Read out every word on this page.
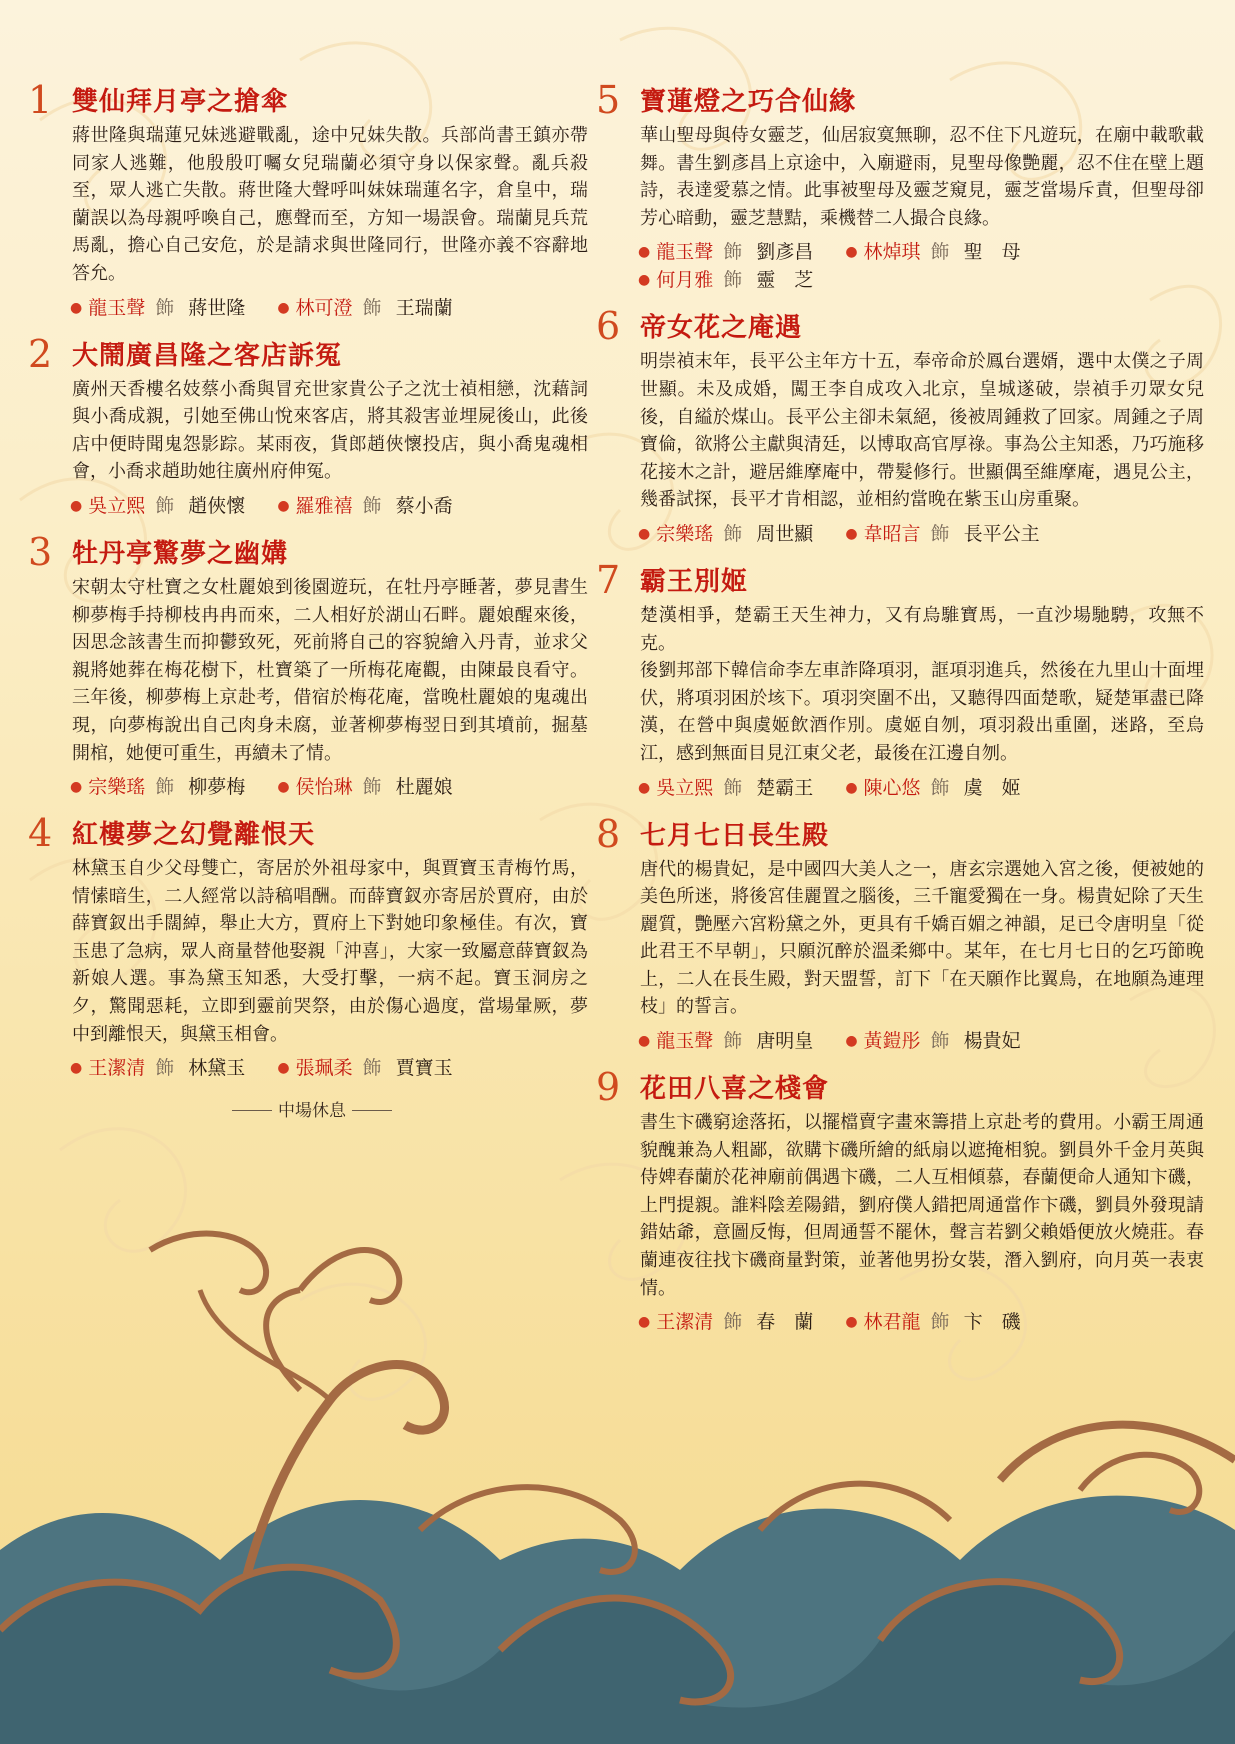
1 雙仙拜月亭之搶傘

蔣世隆與瑞蓮兄妹逃避戰亂，途中兄妹失散。兵部尚書王鎮亦帶同家人逃難，他殷殷叮囑女兒瑞蘭必須守身以保家聲。亂兵殺至，眾人逃亡失散。蔣世隆大聲呼叫妹妹瑞蓮名字，倉皇中，瑞蘭誤以為母親呼喚自己，應聲而至，方知一場誤會。瑞蘭見兵荒馬亂，擔心自己安危，於是請求與世隆同行，世隆亦義不容辭地答允。

● 龍玉聲 飾 蔣世隆 ● 林可澄 飾 王瑞蘭
2 大鬧廣昌隆之客店訴冤

廣州天香樓名妓蔡小喬與冒充世家貴公子之沈士禎相戀，沈藉詞與小喬成親，引她至佛山悅來客店，將其殺害並埋屍後山，此後店中便時聞鬼怨影踪。某雨夜，貨郎趙俠懷投店，與小喬鬼魂相會，小喬求趙助她往廣州府伸冤。

● 吳立熙 飾 趙俠懷 ● 羅雅禧 飾 蔡小喬
3 牡丹亭驚夢之幽媾

宋朝太守杜寶之女杜麗娘到後園遊玩，在牡丹亭睡著，夢見書生柳夢梅手持柳枝冉冉而來，二人相好於湖山石畔。麗娘醒來後，因思念該書生而抑鬱致死，死前將自己的容貌繪入丹青，並求父親將她葬在梅花樹下，杜寶築了一所梅花庵觀，由陳最良看守。三年後，柳夢梅上京赴考，借宿於梅花庵，當晚杜麗娘的鬼魂出現，向夢梅說出自己肉身未腐，並著柳夢梅翌日到其墳前，掘墓開棺，她便可重生，再續未了情。

● 宗樂瑤 飾 柳夢梅 ● 侯怡琳 飾 杜麗娘
4 紅樓夢之幻覺離恨天

林黛玉自少父母雙亡，寄居於外祖母家中，與賈寶玉青梅竹馬，情愫暗生，二人經常以詩稿唱酬。而薛寶釵亦寄居於賈府，由於薛寶釵出手闊綽，舉止大方，賈府上下對她印象極佳。有次，寶玉患了急病，眾人商量替他娶親「沖喜」，大家一致屬意薛寶釵為新娘人選。事為黛玉知悉，大受打擊，一病不起。寶玉洞房之夕，驚聞惡耗，立即到靈前哭祭，由於傷心過度，當場暈厥，夢中到離恨天，與黛玉相會。

● 王潔清 飾 林黛玉 ● 張珮柔 飾 賈寶玉
中場休息
5 寶蓮燈之巧合仙緣

華山聖母與侍女靈芝，仙居寂寞無聊，忍不住下凡遊玩，在廟中載歌載舞。書生劉彥昌上京途中，入廟避雨，見聖母像艷麗，忍不住在壁上題詩，表達愛慕之情。此事被聖母及靈芝窺見，靈芝當場斥責，但聖母卻芳心暗動，靈芝慧黠，乘機替二人撮合良緣。

● 龍玉聲 飾 劉彥昌 ● 林焯琪 飾 聖　母
● 何月雅 飾 靈　芝
6 帝女花之庵遇

明崇禎末年，長平公主年方十五，奉帝命於鳳台選婿，選中太僕之子周世顯。未及成婚，闖王李自成攻入北京，皇城遂破，崇禎手刃眾女兒後，自縊於煤山。長平公主卻未氣絕，後被周鍾救了回家。周鍾之子周寶倫，欲將公主獻與清廷，以博取高官厚祿。事為公主知悉，乃巧施移花接木之計，避居維摩庵中，帶髮修行。世顯偶至維摩庵，遇見公主，幾番試探，長平才肯相認，並相約當晚在紫玉山房重聚。

● 宗樂瑤 飾 周世顯 ● 韋昭言 飾 長平公主
7 霸王別姬

楚漢相爭，楚霸王天生神力，又有烏騅寶馬，一直沙場馳騁，攻無不克。

後劉邦部下韓信命李左車詐降項羽，誆項羽進兵，然後在九里山十面埋伏，將項羽困於垓下。項羽突圍不出，又聽得四面楚歌，疑楚軍盡已降漢，在營中與虞姬飲酒作別。虞姬自刎，項羽殺出重圍，迷路，至烏江，感到無面目見江東父老，最後在江邊自刎。

● 吳立熙 飾 楚霸王 ● 陳心悠 飾 虞　姬
8 七月七日長生殿

唐代的楊貴妃，是中國四大美人之一，唐玄宗選她入宮之後，便被她的美色所迷，將後宮佳麗置之腦後，三千寵愛獨在一身。楊貴妃除了天生麗質，艷壓六宮粉黛之外，更具有千嬌百媚之神韻，足已令唐明皇「從此君王不早朝」，只願沉醉於溫柔鄉中。某年，在七月七日的乞巧節晚上，二人在長生殿，對天盟誓，訂下「在天願作比翼鳥，在地願為連理枝」的誓言。

● 龍玉聲 飾 唐明皇 ● 黃鎧彤 飾 楊貴妃
9 花田八喜之棧會

書生卞磯窮途落拓，以擺檔賣字畫來籌措上京赴考的費用。小霸王周通貌醜兼為人粗鄙，欲購卞磯所繪的紙扇以遮掩相貌。劉員外千金月英與侍婢春蘭於花神廟前偶遇卞磯，二人互相傾慕，春蘭便命人通知卞磯，上門提親。誰料陰差陽錯，劉府僕人錯把周通當作卞磯，劉員外發現請錯姑爺，意圖反悔，但周通誓不罷休，聲言若劉父賴婚便放火燒莊。春蘭連夜往找卞磯商量對策，並著他男扮女裝，潛入劉府，向月英一表衷情。

● 王潔清 飾 春　蘭 ● 林君龍 飾 卞　磯
